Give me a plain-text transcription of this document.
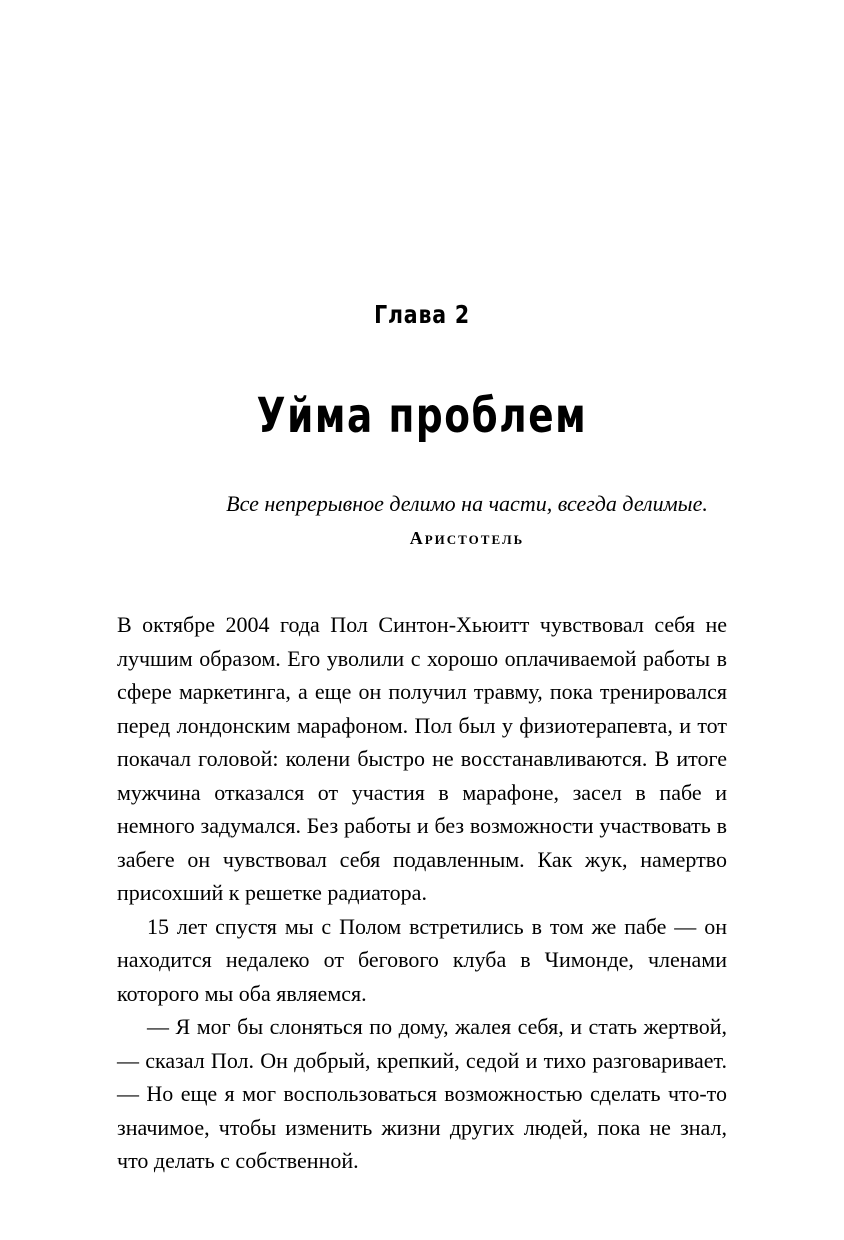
Глава 2
Уйма проблем
Все непрерывное делимо на части, всегда делимые.
Аристотель

В октябре 2004 года Пол Синтон-Хьюитт чувствовал себя не лучшим образом. Его уволили с хорошо оплачиваемой работы в сфере маркетинга, а еще он получил травму, пока тренировался перед лондонским марафоном. Пол был у физиотерапевта, и тот покачал головой: колени быстро не восстанавливаются. В итоге мужчина отказался от участия в марафоне, засел в пабе и немного задумался. Без работы и без возможности участвовать в забеге он чувствовал себя подавленным. Как жук, намертво присохший к решетке радиатора.

15 лет спустя мы с Полом встретились в том же пабе — он находится недалеко от бегового клуба в Чимонде, членами которого мы оба являемся.

— Я мог бы слоняться по дому, жалея себя, и стать жертвой, — сказал Пол. Он добрый, крепкий, седой и тихо разговаривает. — Но еще я мог воспользоваться возможностью сделать что-то значимое, чтобы изменить жизни других людей, пока не знал, что делать с собственной.
